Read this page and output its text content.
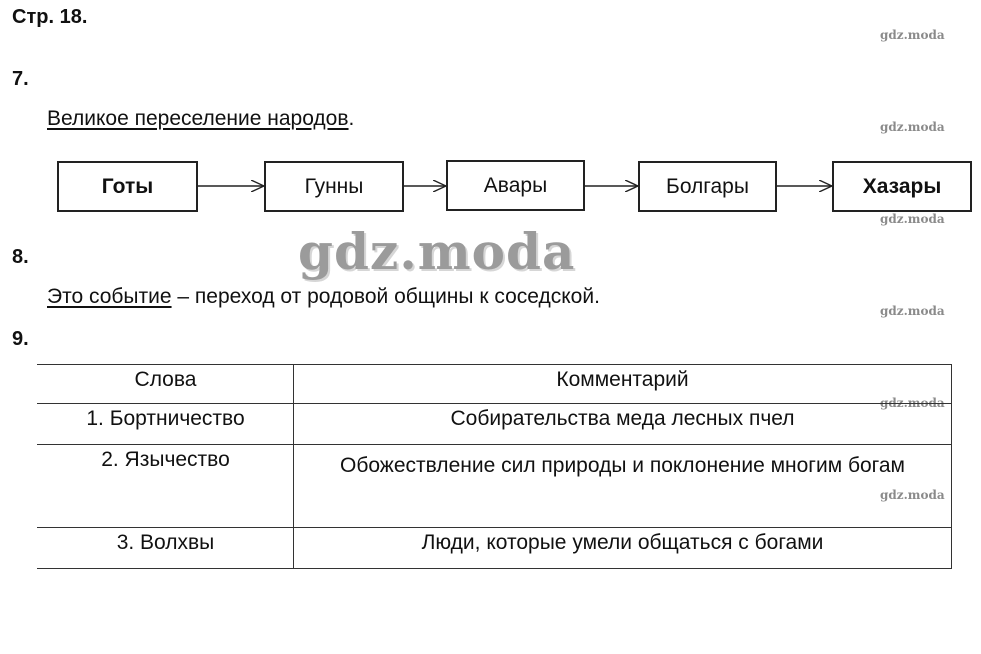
Стр. 18.
gdz.moda
gdz.moda
gdz.moda
gdz.moda
gdz.moda
gdz.moda
7.
Великое переселение народов.
Готы	Гунны	Авары	Болгары	Хазары
gdz.moda
8.
Это событие – переход от родовой общины к соседской.
9.
Слова	Комментарий
1. Бортничество	Собирательства меда лесных пчел
2. Язычество	Обожествление сил природы и поклонение многим богам
3. Волхвы	Люди, которые умели общаться с богами
